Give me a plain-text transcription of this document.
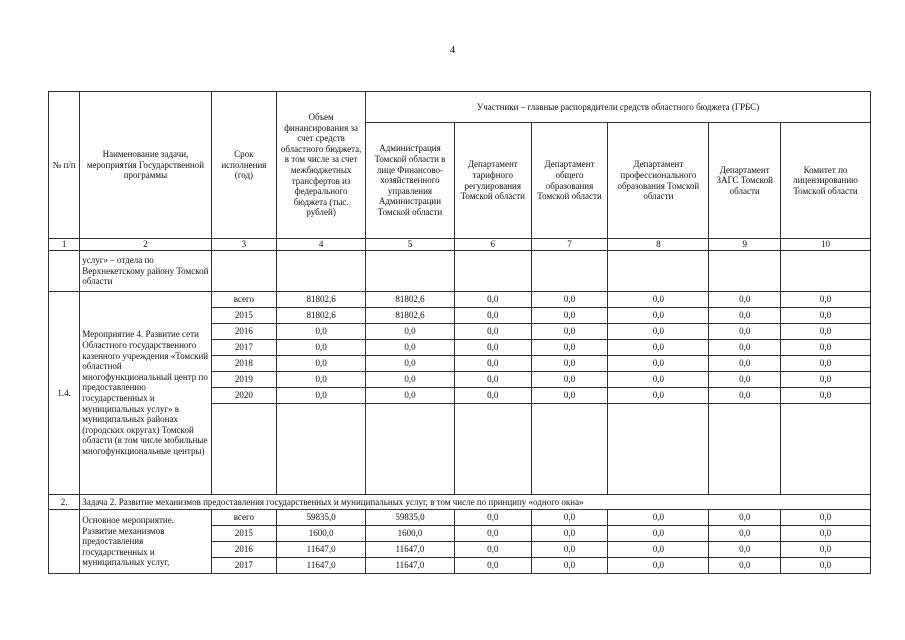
4
№ п/п	Наименование задачи, мероприятия Государственной программы	Срок исполнения (год)	Объем финансирования за счет средств областного бюджета, в том числе за счет межбюджетных трансфертов из федерального бюджета (тыс. рублей)	Участники – главные распорядители средств областного бюджета (ГРБС)					
				Администрация Томской области в лице Финансово-хозяйственного управления Администрации Томской области	Департамент тарифного регулирования Томской области	Департамент общего образования Томской области	Департамент профессионального образования Томской области	Департамент ЗАГС Томской области	Комитет по лицензированию Томской области
1	2	3	4	5	6	7	8	9	10
	услуг» – отдела по Верхнекетскому району Томской области								
1.4.	Мероприятие 4. Развитие сети Областного государственного казенного учреждения «Томский областной многофункциональный центр по предоставлению государственных и муниципальных услуг» в муниципальных районах (городских округах) Томской области (в том числе мобильные многофункциональные центры)	всего	81802,6	81802,6	0,0	0,0	0,0	0,0	0,0
		2015	81802,6	81802,6	0,0	0,0	0,0	0,0	0,0
		2016	0,0	0,0	0,0	0,0	0,0	0,0	0,0
		2017	0,0	0,0	0,0	0,0	0,0	0,0	0,0
		2018	0,0	0,0	0,0	0,0	0,0	0,0	0,0
		2019	0,0	0,0	0,0	0,0	0,0	0,0	0,0
		2020	0,0	0,0	0,0	0,0	0,0	0,0	0,0

2.	Задача 2. Развитие механизмов предоставления государственных и муниципальных услуг, в том числе по принципу «одного окна»								
	Основное мероприятие. Развитие механизмов предоставления государственных и муниципальных услуг,	всего	59835,0	59835,0	0,0	0,0	0,0	0,0	0,0
		2015	1600,0	1600,0	0,0	0,0	0,0	0,0	0,0
		2016	11647,0	11647,0	0,0	0,0	0,0	0,0	0,0
		2017	11647,0	11647,0	0,0	0,0	0,0	0,0	0,0
